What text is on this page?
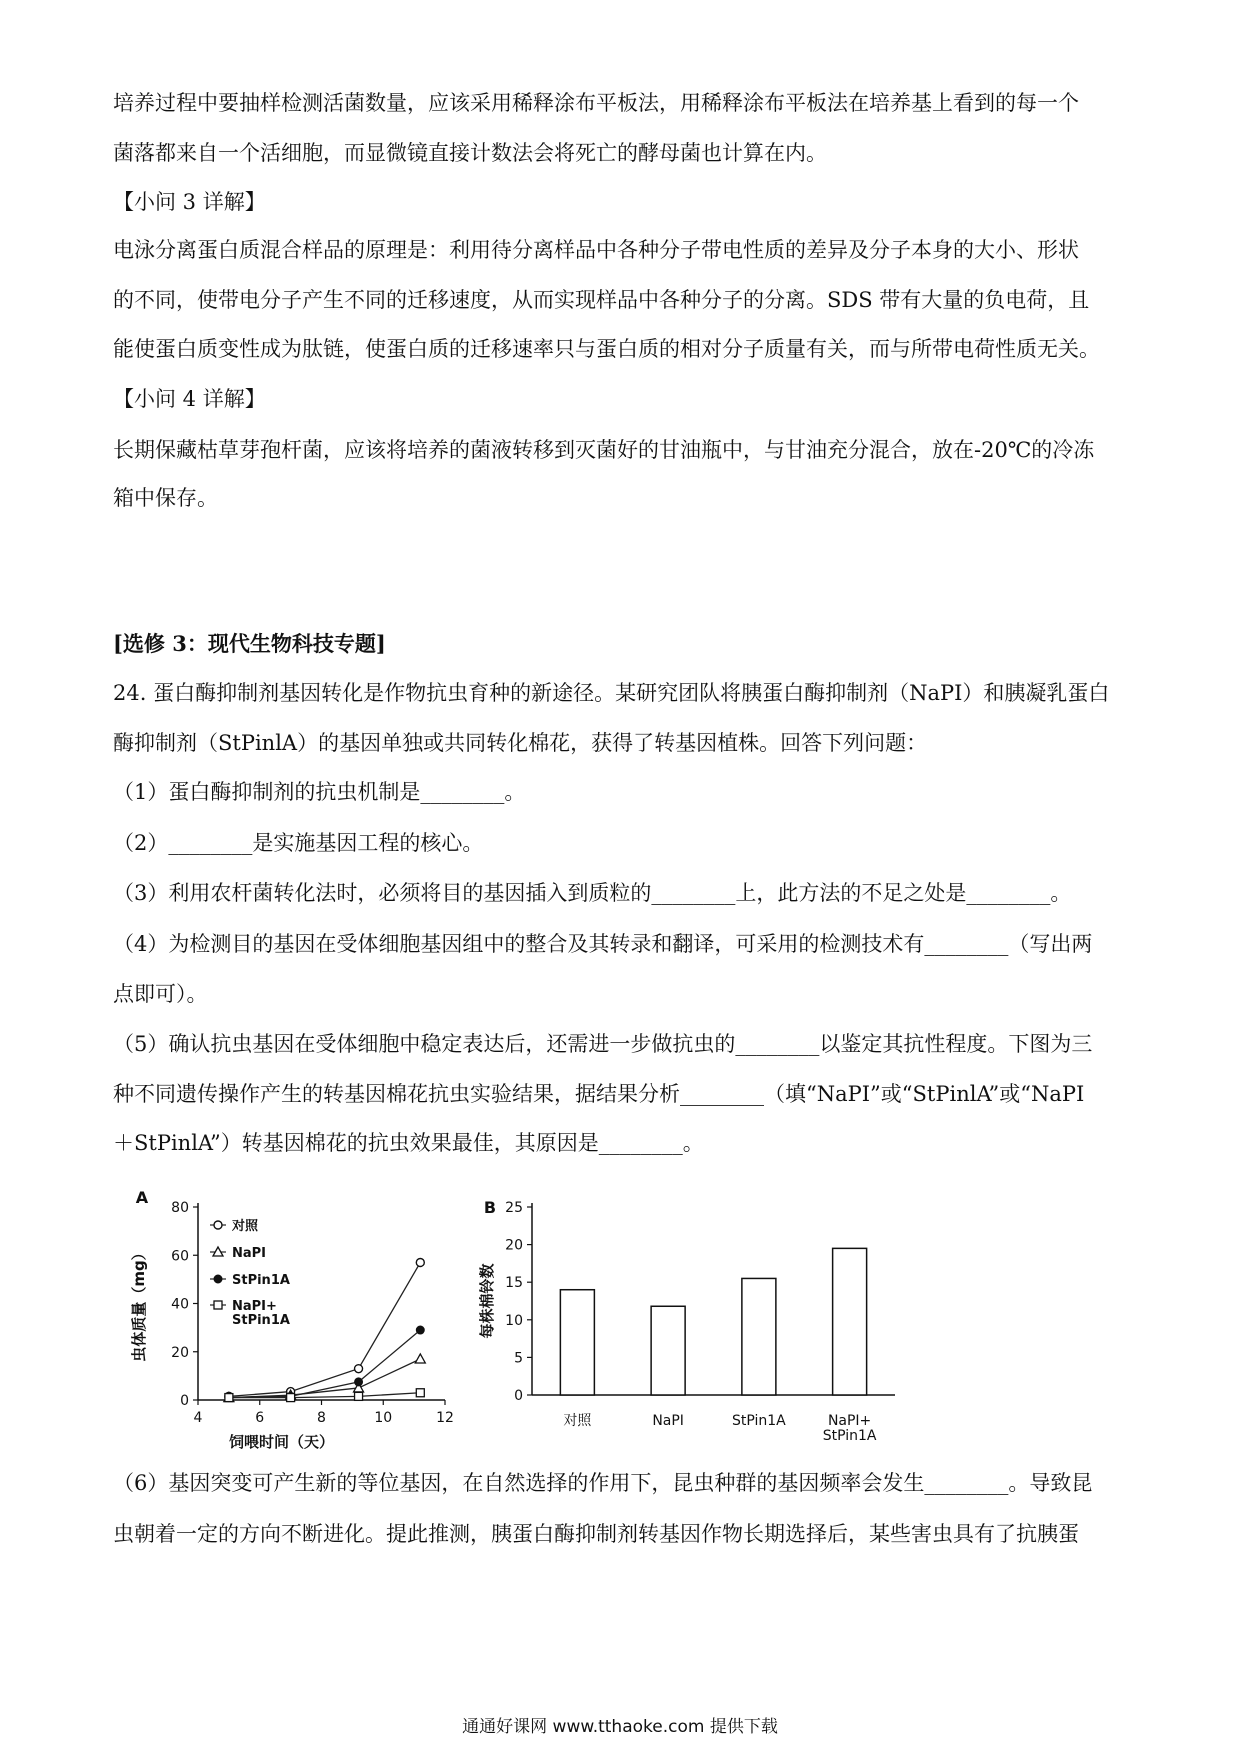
培养过程中要抽样检测活菌数量，应该采用稀释涂布平板法，用稀释涂布平板法在培养基上看到的每一个
菌落都来自一个活细胞，而显微镜直接计数法会将死亡的酵母菌也计算在内。
【小问 3 详解】
电泳分离蛋白质混合样品的原理是：利用待分离样品中各种分子带电性质的差异及分子本身的大小、形状
的不同，使带电分子产生不同的迁移速度，从而实现样品中各种分子的分离。SDS 带有大量的负电荷，且
能使蛋白质变性成为肽链，使蛋白质的迁移速率只与蛋白质的相对分子质量有关，而与所带电荷性质无关。
【小问 4 详解】
长期保藏枯草芽孢杆菌，应该将培养的菌液转移到灭菌好的甘油瓶中，与甘油充分混合，放在-20℃的冷冻
箱中保存。
[选修 3：现代生物科技专题]
24. 蛋白酶抑制剂基因转化是作物抗虫育种的新途径。某研究团队将胰蛋白酶抑制剂（NaPI）和胰凝乳蛋白
酶抑制剂（StPinlA）的基因单独或共同转化棉花，获得了转基因植株。回答下列问题：
（1）蛋白酶抑制剂的抗虫机制是________。
（2）________是实施基因工程的核心。
（3）利用农杆菌转化法时，必须将目的基因插入到质粒的________上，此方法的不足之处是________。
（4）为检测目的基因在受体细胞基因组中的整合及其转录和翻译，可采用的检测技术有________（写出两
点即可）。
（5）确认抗虫基因在受体细胞中稳定表达后，还需进一步做抗虫的________以鉴定其抗性程度。下图为三
种不同遗传操作产生的转基因棉花抗虫实验结果，据结果分析________（填“NaPI”或“StPinlA”或“NaPI
＋StPinlA”）转基因棉花的抗虫效果最佳，其原因是________。
（6）基因突变可产生新的等位基因，在自然选择的作用下，昆虫种群的基因频率会发生________。导致昆
虫朝着一定的方向不断进化。提此推测，胰蛋白酶抑制剂转基因作物长期选择后，某些害虫具有了抗胰蛋
A
0
20
40
60
80
4	6	8	10	12
饲喂时间（天）
虫体质量（mg）
对照
NaPI
StPin1A
NaPI+ StPin1A
B
0
5
10
15
20
25
每株棉铃数
对照	NaPI	StPin1A	NaPI+ StPin1A
通通好课网 www.tthaoke.com 提供下载
